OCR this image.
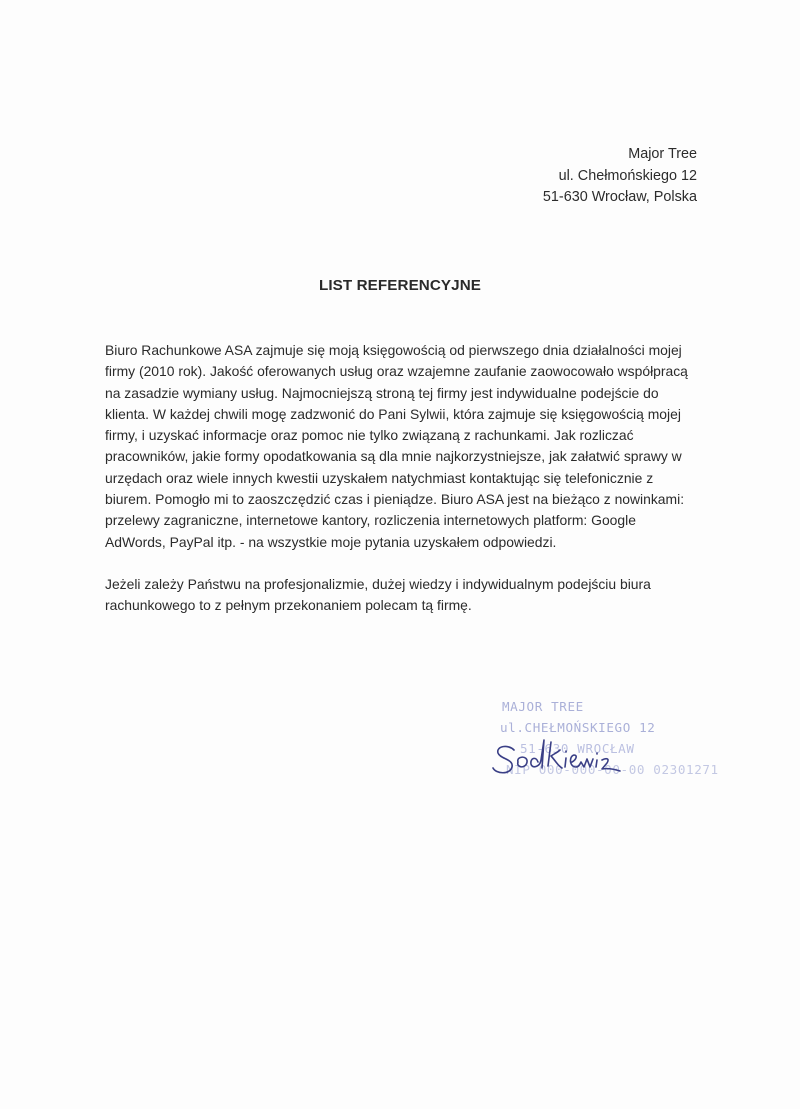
Major Tree
ul. Chełmońskiego 12
51-630 Wrocław, Polska
LIST REFERENCYJNE
Biuro Rachunkowe ASA zajmuje się moją księgowością od pierwszego dnia działalności mojej
firmy (2010 rok). Jakość oferowanych usług oraz wzajemne zaufanie zaowocowało współpracą
na zasadzie wymiany usług. Najmocniejszą stroną tej firmy jest indywidualne podejście do
klienta. W każdej chwili mogę zadzwonić do Pani Sylwii, która zajmuje się księgowością mojej
firmy, i uzyskać informacje oraz pomoc nie tylko związaną z rachunkami. Jak rozliczać
pracowników, jakie formy opodatkowania są dla mnie najkorzystniejsze, jak załatwić sprawy w
urzędach oraz wiele innych kwestii uzyskałem natychmiast kontaktując się telefonicznie z
biurem. Pomogło mi to zaoszczędzić czas i pieniądze. Biuro ASA jest na bieżąco z nowinkami:
przelewy zagraniczne, internetowe kantory, rozliczenia internetowych platform: Google
AdWords, PayPal itp. - na wszystkie moje pytania uzyskałem odpowiedzi.
Jeżeli zależy Państwu na profesjonalizmie, dużej wiedzy i indywidualnym podejściu biura
rachunkowego to z pełnym przekonaniem polecam tą firmę.
MAJOR TREE
ul.CHEŁMOŃSKIEGO 12
51-630 WROCŁAW
NIP 000-000-00-00 02301271
